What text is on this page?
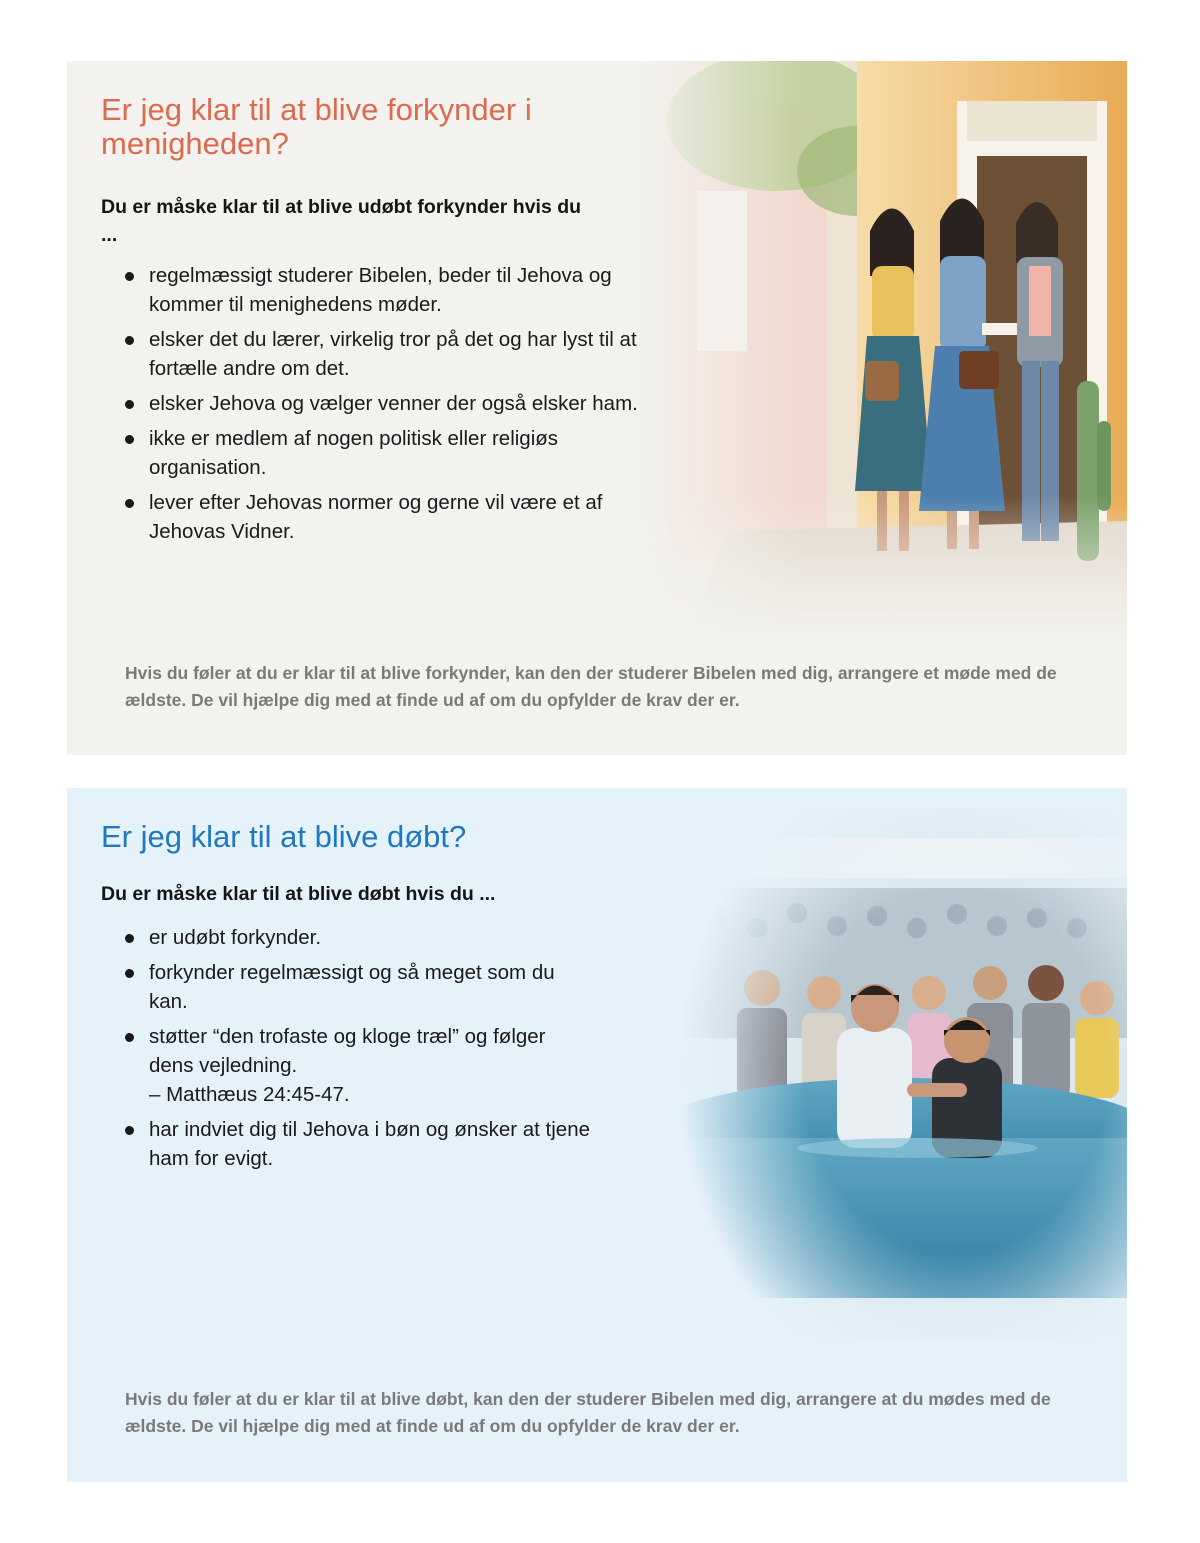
Er jeg klar til at blive forkynder i menigheden?

Du er måske klar til at blive udøbt forkynder hvis du ...

regelmæssigt studerer Bibelen, beder til Jehova og kommer til menighedens møder.
elsker det du lærer, virkelig tror på det og har lyst til at fortælle andre om det.
elsker Jehova og vælger venner der også elsker ham.
ikke er medlem af nogen politisk eller religiøs organisation.
lever efter Jehovas normer og gerne vil være et af Jehovas Vidner.

Hvis du føler at du er klar til at blive forkynder, kan den der studerer Bibelen med dig, arrangere et møde med de ældste. De vil hjælpe dig med at finde ud af om du opfylder de krav der er.

Er jeg klar til at blive døbt?

Du er måske klar til at blive døbt hvis du ...

er udøbt forkynder.
forkynder regelmæssigt og så meget som du kan.
støtter “den trofaste og kloge træl” og følger dens vejledning.
– Matthæus 24:45-47.
har indviet dig til Jehova i bøn og ønsker at tjene ham for evigt.

Hvis du føler at du er klar til at blive døbt, kan den der studerer Bibelen med dig, arrangere at du mødes med de ældste. De vil hjælpe dig med at finde ud af om du opfylder de krav der er.
